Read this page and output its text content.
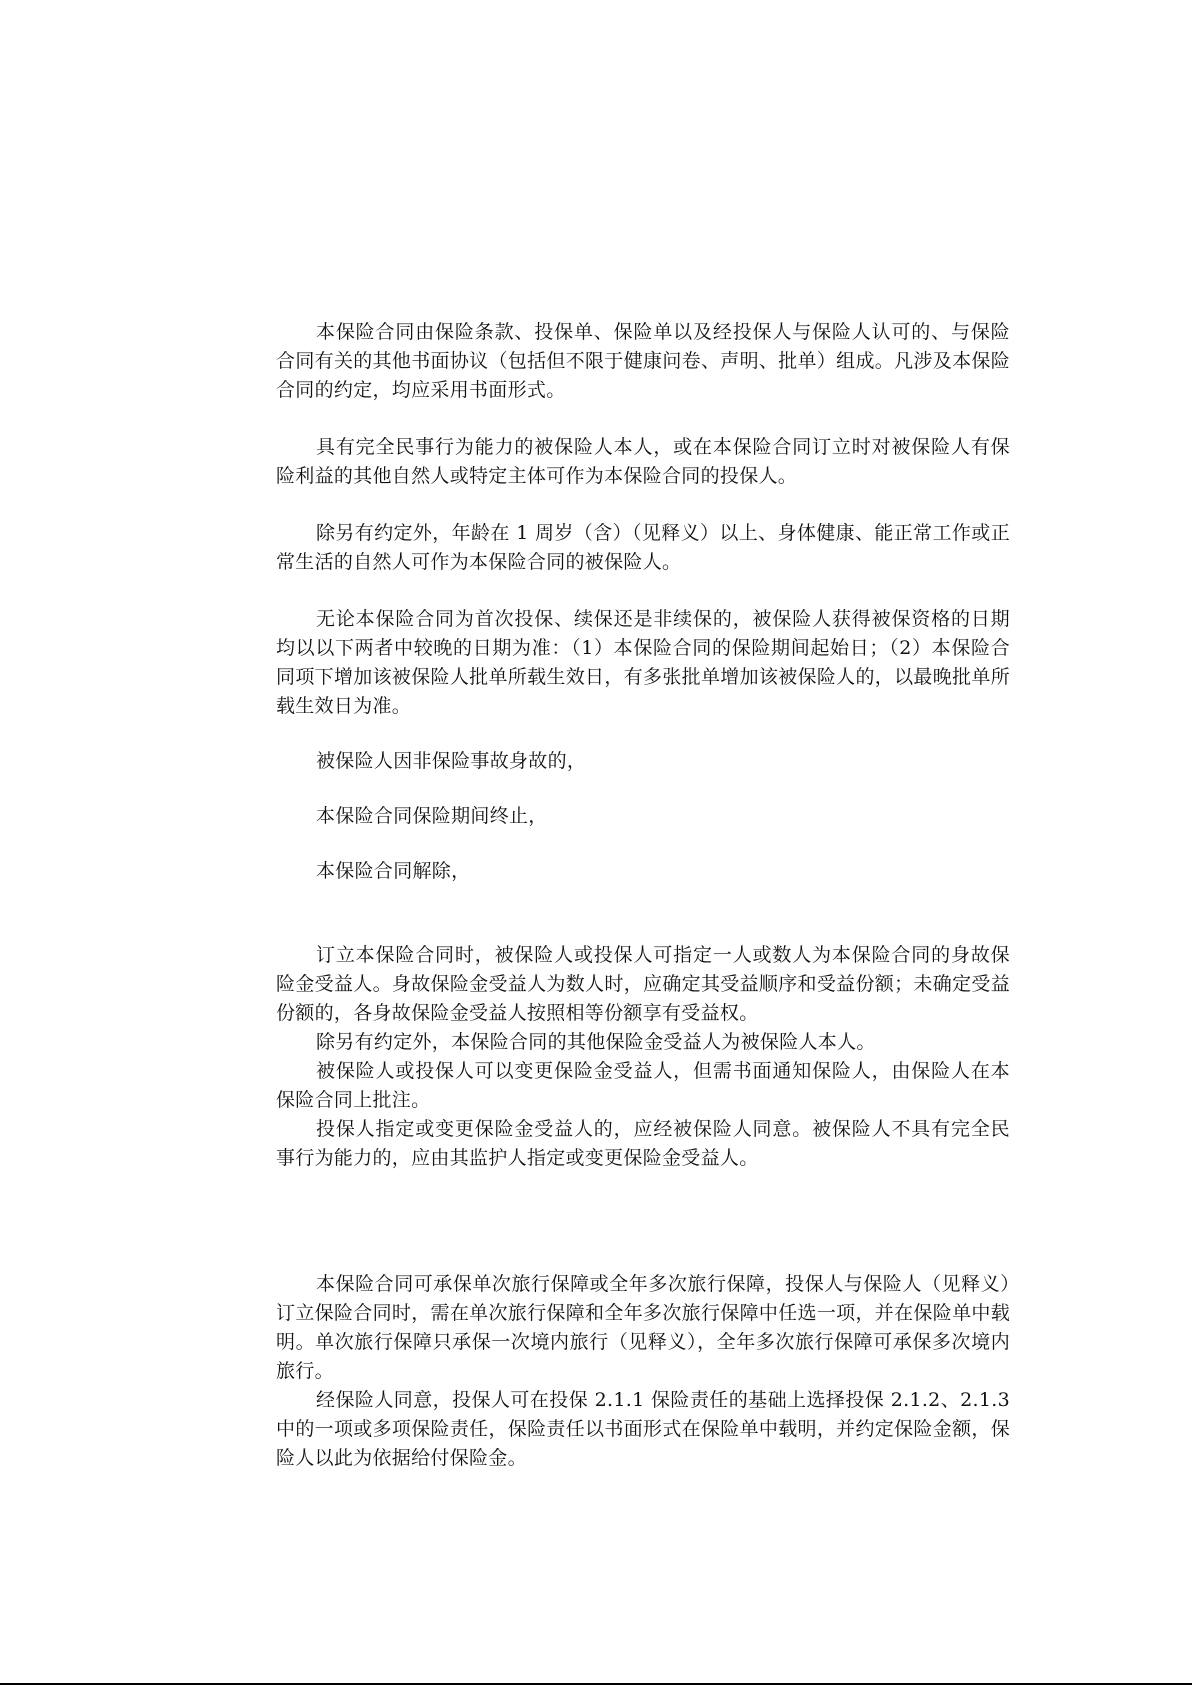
本保险合同由保险条款、投保单、保险单以及经投保人与保险人认可的、与保险合同有关的其他书面协议（包括但不限于健康问卷、声明、批单）组成。凡涉及本保险合同的约定，均应采用书面形式。

具有完全民事行为能力的被保险人本人，或在本保险合同订立时对被保险人有保险利益的其他自然人或特定主体可作为本保险合同的投保人。

除另有约定外，年龄在 1 周岁（含）（见释义）以上、身体健康、能正常工作或正常生活的自然人可作为本保险合同的被保险人。

无论本保险合同为首次投保、续保还是非续保的，被保险人获得被保资格的日期均以以下两者中较晚的日期为准：（1）本保险合同的保险期间起始日；（2）本保险合同项下增加该被保险人批单所载生效日，有多张批单增加该被保险人的，以最晚批单所载生效日为准。

被保险人因非保险事故身故的，

本保险合同保险期间终止，

本保险合同解除，

订立本保险合同时，被保险人或投保人可指定一人或数人为本保险合同的身故保险金受益人。身故保险金受益人为数人时，应确定其受益顺序和受益份额；未确定受益份额的，各身故保险金受益人按照相等份额享有受益权。

除另有约定外，本保险合同的其他保险金受益人为被保险人本人。

被保险人或投保人可以变更保险金受益人，但需书面通知保险人，由保险人在本保险合同上批注。

投保人指定或变更保险金受益人的，应经被保险人同意。被保险人不具有完全民事行为能力的，应由其监护人指定或变更保险金受益人。

本保险合同可承保单次旅行保障或全年多次旅行保障，投保人与保险人（见释义）订立保险合同时，需在单次旅行保障和全年多次旅行保障中任选一项，并在保险单中载明。单次旅行保障只承保一次境内旅行（见释义），全年多次旅行保障可承保多次境内旅行。

经保险人同意，投保人可在投保 2.1.1 保险责任的基础上选择投保 2.1.2、2.1.3 中的一项或多项保险责任，保险责任以书面形式在保险单中载明，并约定保险金额，保险人以此为依据给付保险金。
